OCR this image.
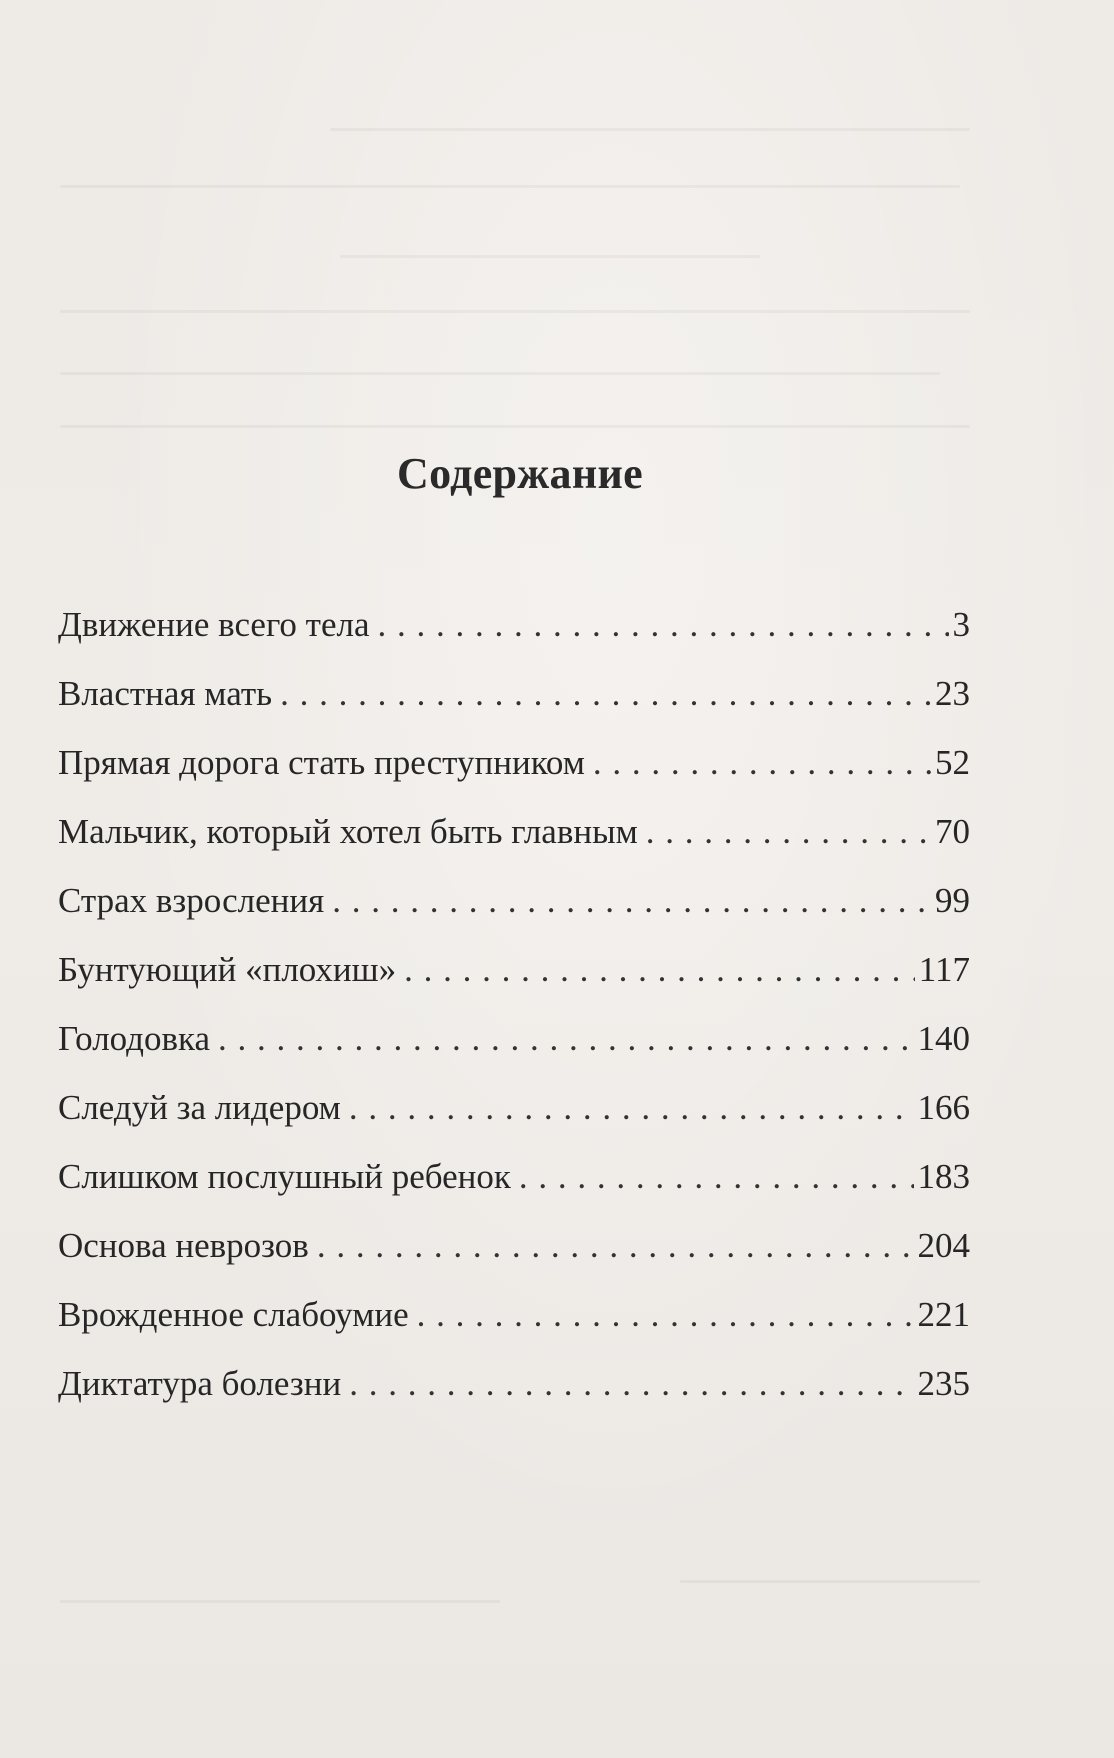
Содержание
Движение всего тела . . .	3
Властная мать . . .	23
Прямая дорога стать преступником . . .	52
Мальчик, который хотел быть главным . . .	70
Страх взросления . . .	99
Бунтующий «плохиш» . . .	117
Голодовка . . .	140
Следуй за лидером . . .	166
Слишком послушный ребенок . . .	183
Основа неврозов . . .	204
Врожденное слабоумие . . .	221
Диктатура болезни . . .	235
